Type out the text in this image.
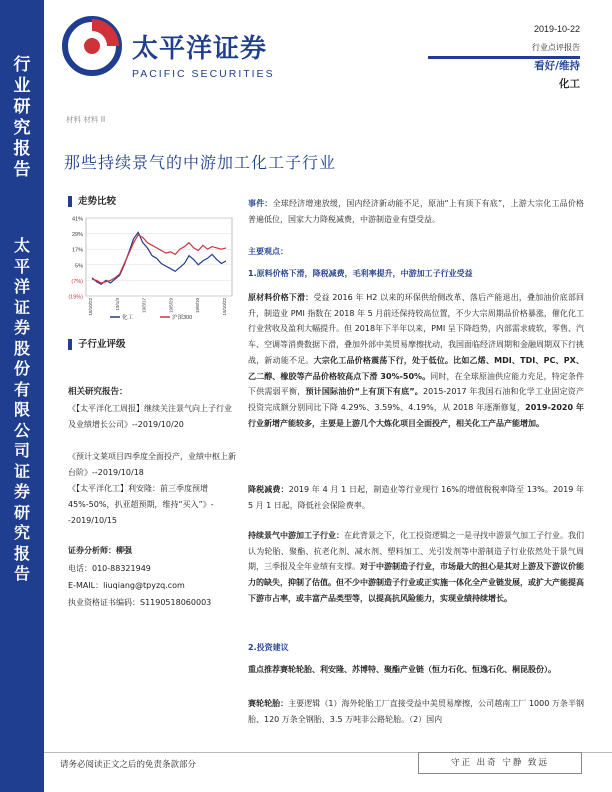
行业研究报告
太平洋证券股份有限公司证券研究报告
太平洋证券
PACIFIC SECURITIES
2019-10-22
行业点评报告
看好/维持
化工
材料 材料 II
那些持续景气的中游加工化工子行业
走势比较
41%
29%
17%
5%
(7%)
(19%)
18/10/22	19/1/3	19/3/17	19/5/29	19/8/10	19/10/22
化工	沪深300
子行业评级
相关研究报告：
《【太平洋化工周报】继续关注景气向上子行业及业绩增长公司》--2019/10/20
《预计文莱项目四季度全面投产，业绩中枢上新台阶》--2019/10/18
《【太平洋化工】利安隆：前三季度预增 45%-50%，扒亚超预期，维持“买入”》--2019/10/15
证券分析师：柳强
电话：010-88321949
E-MAIL：liuqiang@tpyzq.com
执业资格证书编码：S1190518060003
事件：全球经济增速放缓，国内经济新动能不足，原油“上有顶下有底”，上游大宗化工品价格普遍低位，国家大力降税减费，中游制造业有望受益。
主要观点：
1.原料价格下滑，降税减费，毛利率提升，中游加工子行业受益
原材料价格下滑：受益 2016 年 H2 以来的环保供给侧改革、落后产能退出，叠加油价底部回升，制造业 PMI 指数在 2018 年 5 月前还保持较高位置，不少大宗周期品价格暴涨，催化化工行业营收及盈利大幅提升。但 2018年下半年以来，PMI 呈下降趋势，内部需求疲软，零售、汽车、空调等消费数据下滑，叠加外部中美贸易摩擦扰动，我国面临经济周期和金融周期双下行挑战，新动能不足。大宗化工品价格震荡下行，处于低位。比如乙烯、MDI、TDI、PC、PX、乙二醇、橡胶等产品价格较高点下滑 30%-50%。同时，在全球原油供应能力充足，特定条件下供需弱平衡，预计国际油价“上有顶下有底”。2015-2017 年我国石油和化学工业固定资产投资完成额分别同比下降 4.29%、3.59%、4.19%，从 2018 年逐渐修复，2019-2020 年行业新增产能较多，主要是上游几个大炼化项目全面投产，相关化工产品产能增加。
降税减费：2019 年 4 月 1 日起，制造业等行业现行 16%的增值税税率降至 13%。2019 年 5 月 1 日起，降低社会保险费率。
持续景气中游加工子行业：在此背景之下，化工投资逻辑之一是寻找中游景气加工子行业。我们认为轮胎、聚酯、抗老化剂、减水剂、塑料加工、光引发剂等中游制造子行业依然处于景气周期，三季报及全年业绩有支撑。对于中游制造子行业，市场最大的担心是其对上游及下游议价能力的缺失，抑制了估值。但不少中游制造子行业或正实施一体化全产业链发展，或扩大产能提高下游市占率，或丰富产品类型等，以提高抗风险能力，实现业绩持续增长。
2.投资建议
重点推荐赛轮轮胎、利安隆、苏博特、聚酯产业链（恒力石化、恒逸石化、桐昆股份）。
赛轮轮胎：主要逻辑（1）海外轮胎工厂直接受益中美贸易摩擦，公司越南工厂 1000 万条半钢胎、120 万条全钢胎、3.5 万吨非公路轮胎。（2）国内
请务必阅读正文之后的免责条款部分	守正 出奇 宁静 致远
